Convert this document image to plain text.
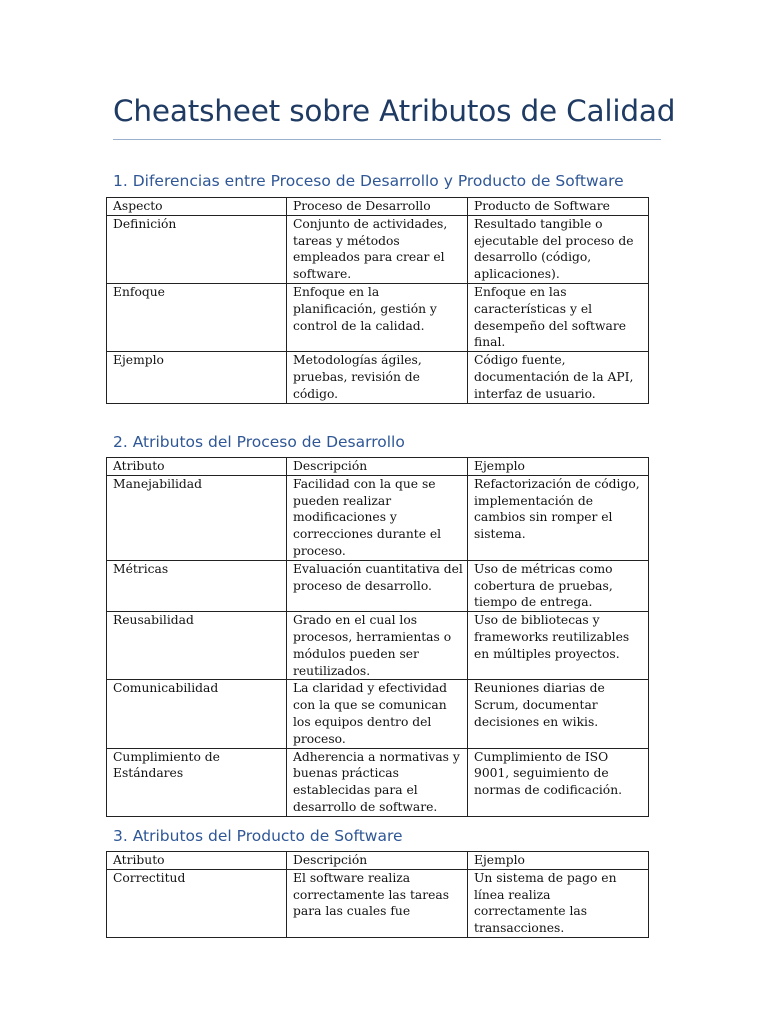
Cheatsheet sobre Atributos de Calidad
1. Diferencias entre Proceso de Desarrollo y Producto de Software
Aspecto	Proceso de Desarrollo	Producto de Software
Definición	Conjunto de actividades, tareas y métodos empleados para crear el software.	Resultado tangible o ejecutable del proceso de desarrollo (código, aplicaciones).
Enfoque	Enfoque en la planificación, gestión y control de la calidad.	Enfoque en las características y el desempeño del software final.
Ejemplo	Metodologías ágiles, pruebas, revisión de código.	Código fuente, documentación de la API, interfaz de usuario.
2. Atributos del Proceso de Desarrollo
Atributo	Descripción	Ejemplo
Manejabilidad	Facilidad con la que se pueden realizar modificaciones y correcciones durante el proceso.	Refactorización de código, implementación de cambios sin romper el sistema.
Métricas	Evaluación cuantitativa del proceso de desarrollo.	Uso de métricas como cobertura de pruebas, tiempo de entrega.
Reusabilidad	Grado en el cual los procesos, herramientas o módulos pueden ser reutilizados.	Uso de bibliotecas y frameworks reutilizables en múltiples proyectos.
Comunicabilidad	La claridad y efectividad con la que se comunican los equipos dentro del proceso.	Reuniones diarias de Scrum, documentar decisiones en wikis.
Cumplimiento de Estándares	Adherencia a normativas y buenas prácticas establecidas para el desarrollo de software.	Cumplimiento de ISO 9001, seguimiento de normas de codificación.
3. Atributos del Producto de Software
Atributo	Descripción	Ejemplo
Correctitud	El software realiza correctamente las tareas para las cuales fue	Un sistema de pago en línea realiza correctamente las transacciones.
